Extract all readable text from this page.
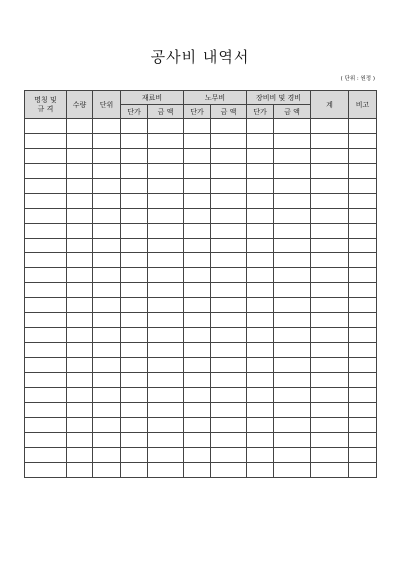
공사비 내역서
( 단위 : 원정 )
명칭 및
규 격	수량	단위	재료비		노무비		장비비 및 경비		계	비고
			단가	금 액	단가	금 액	단가	금 액		
